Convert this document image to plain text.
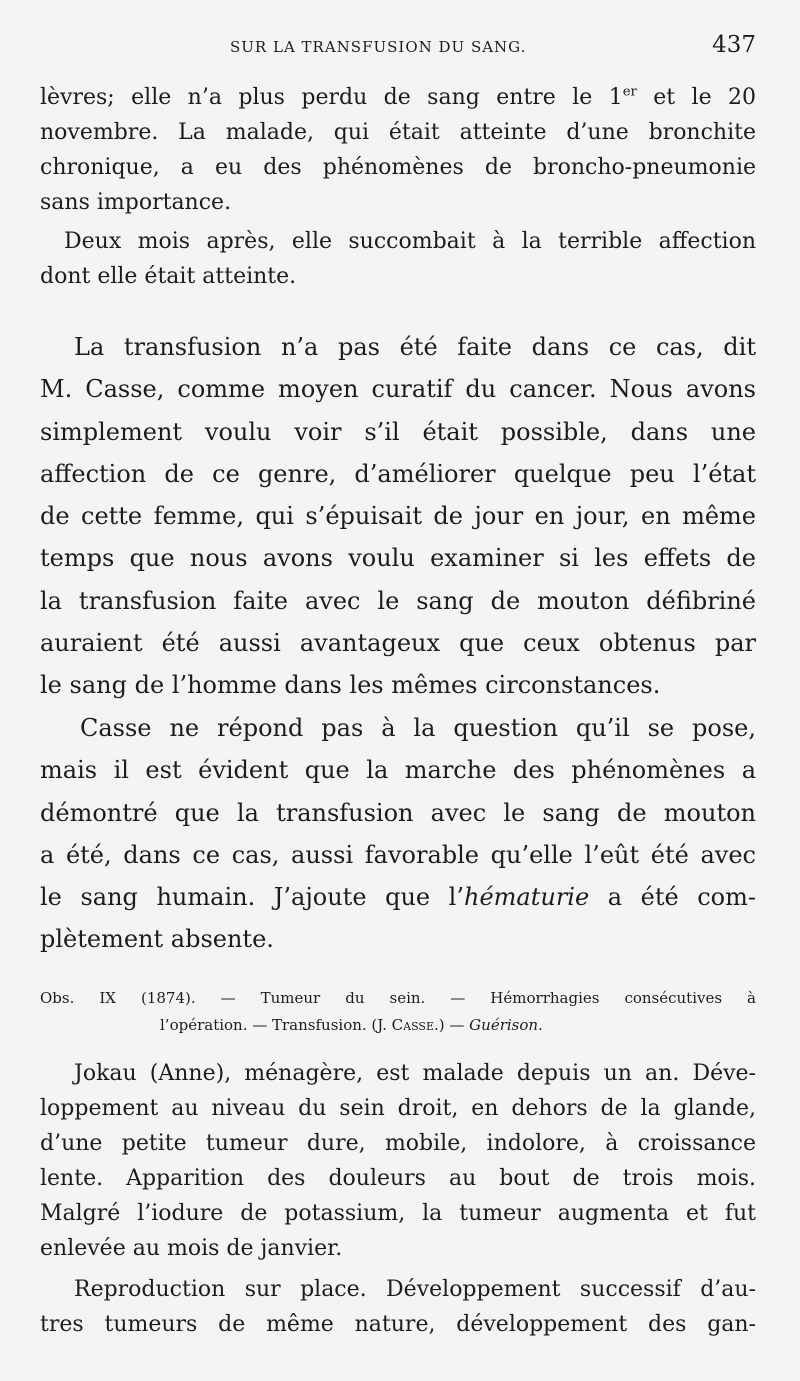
SUR LA TRANSFUSION DU SANG.	437

lèvres; elle n’a plus perdu de sang entre le 1er et le 20
novembre. La malade, qui était atteinte d’une bronchite
chronique, a eu des phénomènes de broncho-pneumonie
sans importance.

Deux mois après, elle succombait à la terrible affection
dont elle était atteinte.

La transfusion n’a pas été faite dans ce cas, dit
M. Casse, comme moyen curatif du cancer. Nous avons
simplement voulu voir s’il était possible, dans une
affection de ce genre, d’améliorer quelque peu l’état
de cette femme, qui s’épuisait de jour en jour, en même
temps que nous avons voulu examiner si les effets de
la transfusion faite avec le sang de mouton défibriné
auraient été aussi avantageux que ceux obtenus par
le sang de l’homme dans les mêmes circonstances.

Casse ne répond pas à la question qu’il se pose,
mais il est évident que la marche des phénomènes a
démontré que la transfusion avec le sang de mouton
a été, dans ce cas, aussi favorable qu’elle l’eût été avec
le sang humain. J’ajoute que l’hématurie a été com-
plètement absente.

Obs. IX (1874). — Tumeur du sein. — Hémorrhagies consécutives à
l’opération. — Transfusion. (J. Casse.) — Guérison.

Jokau (Anne), ménagère, est malade depuis un an. Déve-
loppement au niveau du sein droit, en dehors de la glande,
d’une petite tumeur dure, mobile, indolore, à croissance
lente. Apparition des douleurs au bout de trois mois.
Malgré l’iodure de potassium, la tumeur augmenta et fut
enlevée au mois de janvier.

Reproduction sur place. Développement successif d’au-
tres tumeurs de même nature, développement des gan-
